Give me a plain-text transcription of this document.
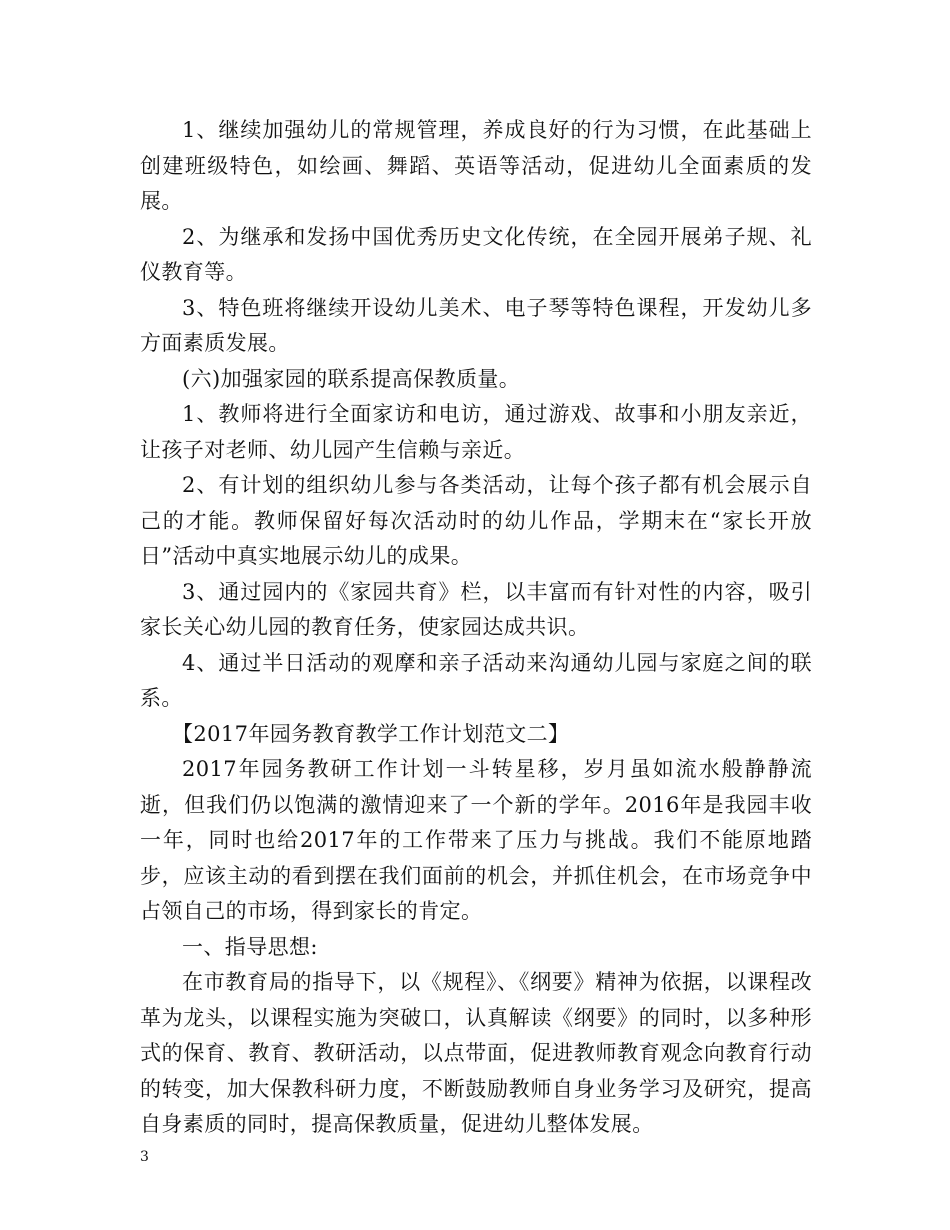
1、继续加强幼儿的常规管理，养成良好的行为习惯，在此基础上创建班级特色，如绘画、舞蹈、英语等活动，促进幼儿全面素质的发展。

2、为继承和发扬中国优秀历史文化传统，在全园开展弟子规、礼仪教育等。

3、特色班将继续开设幼儿美术、电子琴等特色课程，开发幼儿多方面素质发展。

(六)加强家园的联系提高保教质量。

1、教师将进行全面家访和电访，通过游戏、故事和小朋友亲近，让孩子对老师、幼儿园产生信赖与亲近。

2、有计划的组织幼儿参与各类活动，让每个孩子都有机会展示自己的才能。教师保留好每次活动时的幼儿作品，学期末在“家长开放日”活动中真实地展示幼儿的成果。

3、通过园内的《家园共育》栏，以丰富而有针对性的内容，吸引家长关心幼儿园的教育任务，使家园达成共识。

4、通过半日活动的观摩和亲子活动来沟通幼儿园与家庭之间的联系。

【2017年园务教育教学工作计划范文二】

2017年园务教研工作计划一斗转星移，岁月虽如流水般静静流逝，但我们仍以饱满的激情迎来了一个新的学年。2016年是我园丰收一年，同时也给2017年的工作带来了压力与挑战。我们不能原地踏步，应该主动的看到摆在我们面前的机会，并抓住机会，在市场竞争中占领自己的市场，得到家长的肯定。

一、指导思想:

在市教育局的指导下，以《规程》、《纲要》精神为依据，以课程改革为龙头，以课程实施为突破口，认真解读《纲要》的同时，以多种形式的保育、教育、教研活动，以点带面，促进教师教育观念向教育行动的转变，加大保教科研力度，不断鼓励教师自身业务学习及研究，提高自身素质的同时，提高保教质量，促进幼儿整体发展。

3
